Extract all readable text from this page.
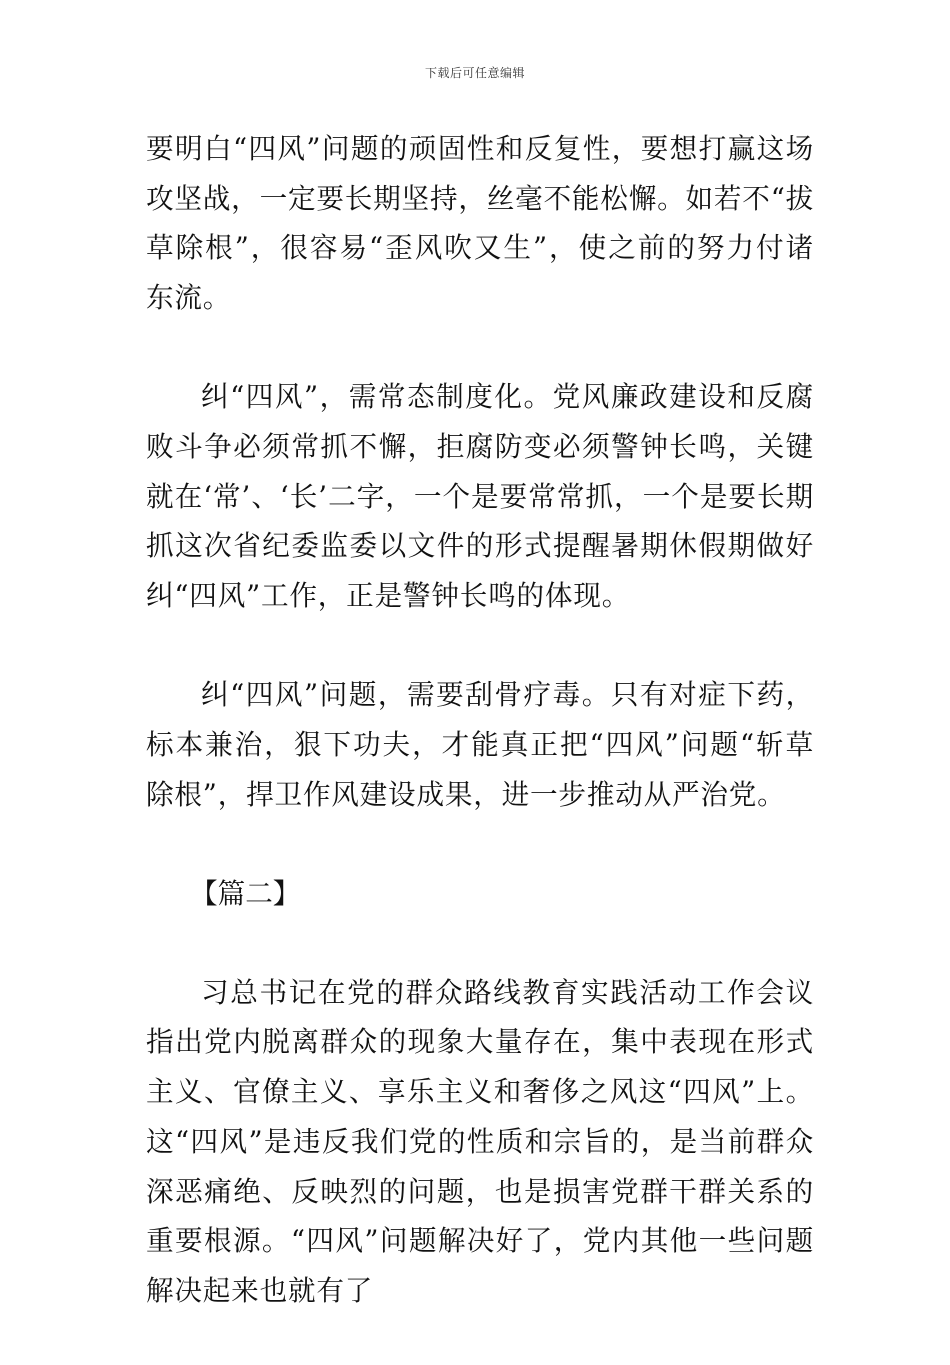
下载后可任意编辑

要明白“四风”问题的顽固性和反复性，要想打赢这场攻坚战，一定要长期坚持，丝毫不能松懈。如若不“拔草除根”，很容易“歪风吹又生”，使之前的努力付诸东流。

纠“四风”，需常态制度化。党风廉政建设和反腐败斗争必须常抓不懈，拒腐防变必须警钟长鸣，关键就在‘常’、‘长’二字，一个是要常常抓，一个是要长期抓这次省纪委监委以文件的形式提醒暑期休假期做好纠“四风”工作，正是警钟长鸣的体现。

纠“四风”问题，需要刮骨疗毒。只有对症下药，标本兼治，狠下功夫，才能真正把“四风”问题“斩草除根”，捍卫作风建设成果，进一步推动从严治党。

【篇二】

习总书记在党的群众路线教育实践活动工作会议指出党内脱离群众的现象大量存在，集中表现在形式主义、官僚主义、享乐主义和奢侈之风这“四风”上。这“四风”是违反我们党的性质和宗旨的，是当前群众深恶痛绝、反映烈的问题，也是损害党群干群关系的重要根源。“四风”问题解决好了，党内其他一些问题解决起来也就有了
